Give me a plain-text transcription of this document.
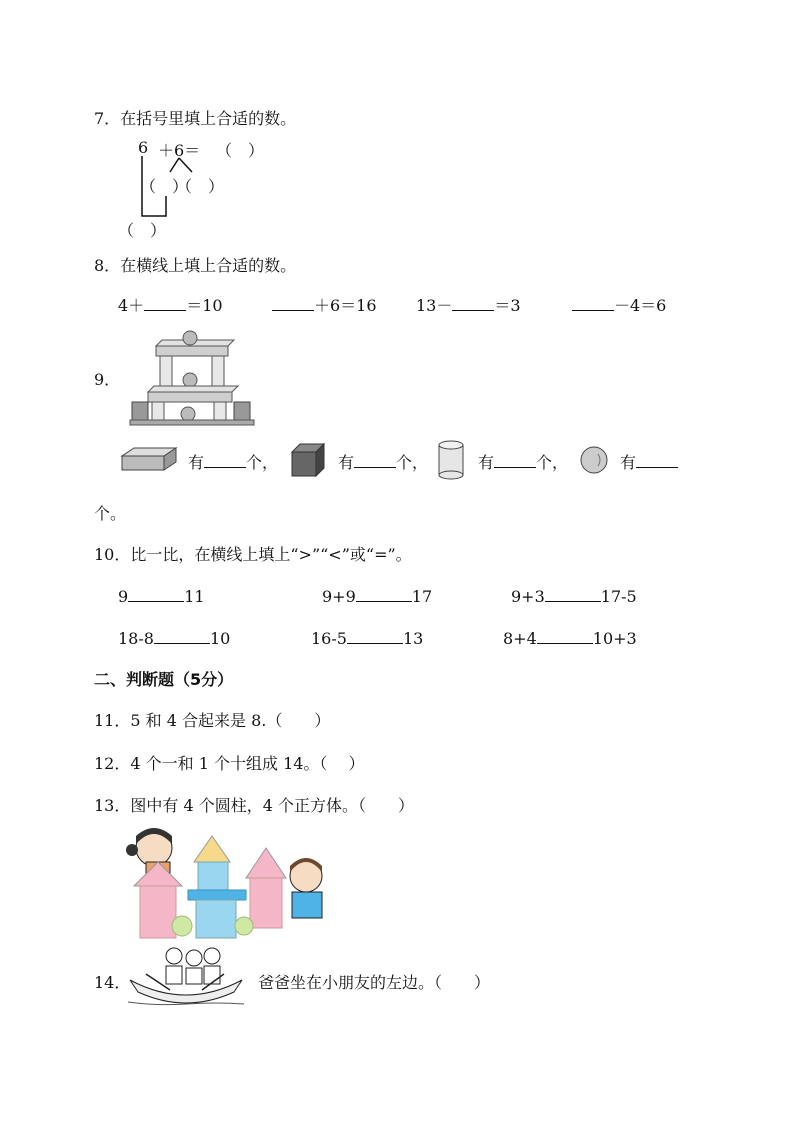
7．在括号里填上合适的数。
6 ＋6＝ （　）
（　）
（　）
（　）
8．在横线上填上合适的数。
4＋	＝10	＋6＝16 13－	＝3	－4＝6
9．
有	个，	有	个，	有	个，	有
个。
10．比一比，在横线上填上“>”“<”或“=”。
9	11	9+9	17	9+3	17-5
18-8	10	16-5	13	8+4	10+3
二、判断题（5分）
11．5 和 4 合起来是 8.（　　）
12．4 个一和 1 个十组成 14。（　 ）
13．图中有 4 个圆柱，4 个正方体。（　　）
14．	爸爸坐在小朋友的左边。（　　）
